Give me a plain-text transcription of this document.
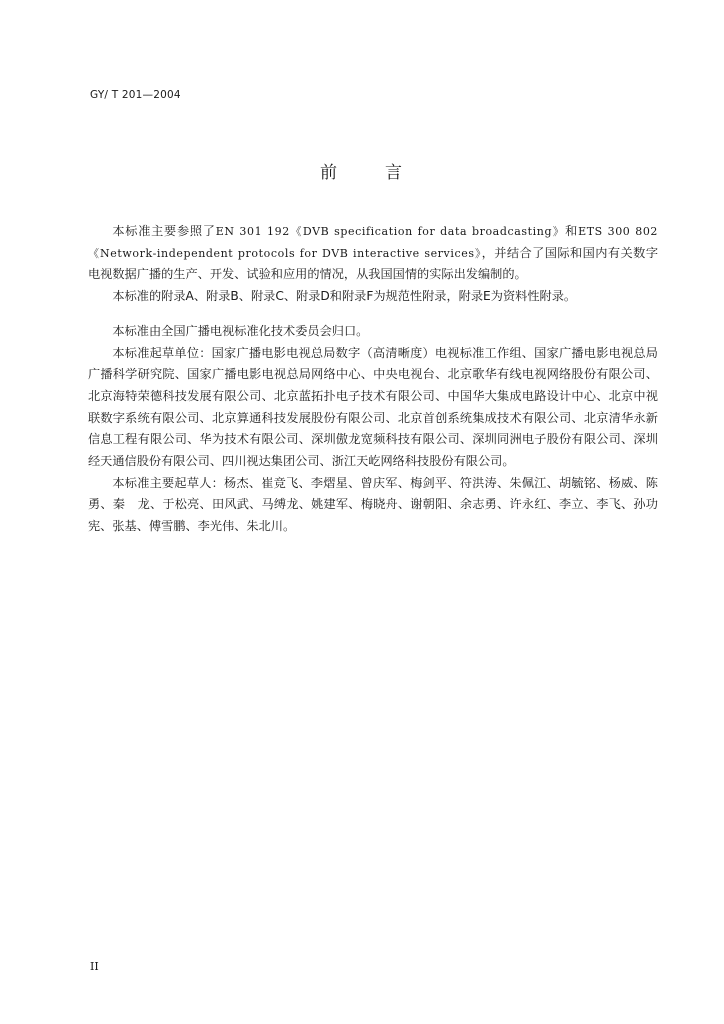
GY/ T 201—2004
前	言

本标准主要参照了EN 301 192《DVB specification for data broadcasting》和ETS 300 802《Network-independent protocols for DVB interactive services》，并结合了国际和国内有关数字电视数据广播的生产、开发、试验和应用的情况，从我国国情的实际出发编制的。

本标准的附录A、附录B、附录C、附录D和附录F为规范性附录，附录E为资料性附录。

本标准由全国广播电视标准化技术委员会归口。

本标准起草单位：国家广播电影电视总局数字（高清晰度）电视标准工作组、国家广播电影电视总局广播科学研究院、国家广播电影电视总局网络中心、中央电视台、北京歌华有线电视网络股份有限公司、北京海特荣德科技发展有限公司、北京蓝拓扑电子技术有限公司、中国华大集成电路设计中心、北京中视联数字系统有限公司、北京算通科技发展股份有限公司、北京首创系统集成技术有限公司、北京清华永新信息工程有限公司、华为技术有限公司、深圳傲龙宽频科技有限公司、深圳同洲电子股份有限公司、深圳经天通信股份有限公司、四川视达集团公司、浙江天屹网络科技股份有限公司。

本标准主要起草人：杨杰、崔竞飞、李熠星、曾庆军、梅剑平、符洪涛、朱佩江、胡毓铭、杨威、陈勇、秦　龙、于松亮、田风武、马缚龙、姚建军、梅晓舟、谢朝阳、余志勇、许永红、李立、李飞、孙功宪、张基、傅雪鹏、李光伟、朱北川。

II
